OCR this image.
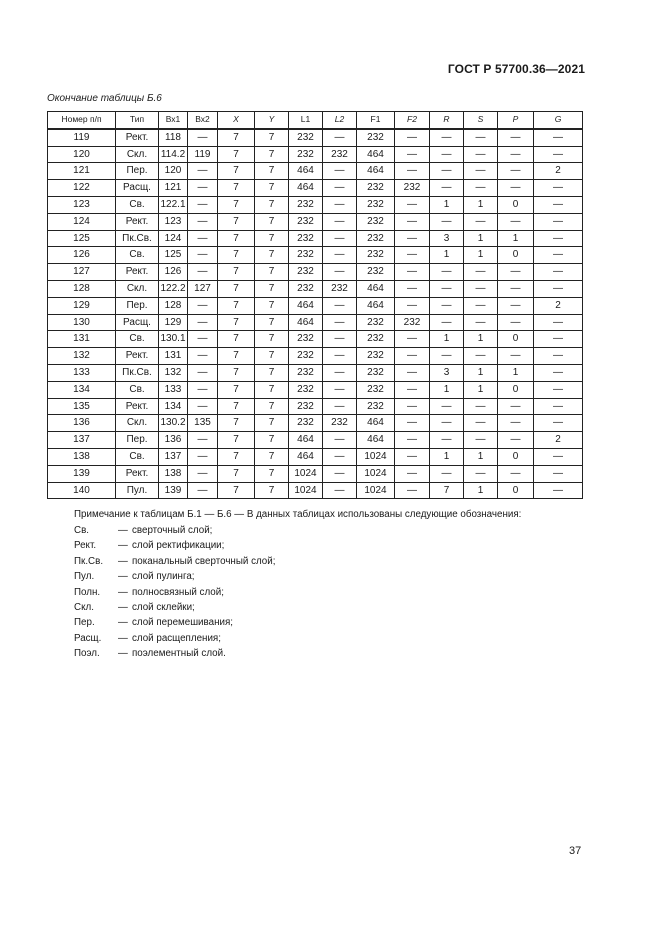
ГОСТ Р 57700.36—2021
Окончание таблицы Б.6
Номер п/п	Тип	Вх1	Вх2	X	Y	L1	L2	F1	F2	R	S	P	G
119	Рект.	118	—	7	7	232	—	232	—	—	—	—	—
120	Скл.	114.2	119	7	7	232	232	464	—	—	—	—	—
121	Пер.	120	—	7	7	464	—	464	—	—	—	—	2
122	Расщ.	121	—	7	7	464	—	232	232	—	—	—	—
123	Св.	122.1	—	7	7	232	—	232	—	1	1	0	—
124	Рект.	123	—	7	7	232	—	232	—	—	—	—	—
125	Пк.Св.	124	—	7	7	232	—	232	—	3	1	1	—
126	Св.	125	—	7	7	232	—	232	—	1	1	0	—
127	Рект.	126	—	7	7	232	—	232	—	—	—	—	—
128	Скл.	122.2	127	7	7	232	232	464	—	—	—	—	—
129	Пер.	128	—	7	7	464	—	464	—	—	—	—	2
130	Расщ.	129	—	7	7	464	—	232	232	—	—	—	—
131	Св.	130.1	—	7	7	232	—	232	—	1	1	0	—
132	Рект.	131	—	7	7	232	—	232	—	—	—	—	—
133	Пк.Св.	132	—	7	7	232	—	232	—	3	1	1	—
134	Св.	133	—	7	7	232	—	232	—	1	1	0	—
135	Рект.	134	—	7	7	232	—	232	—	—	—	—	—
136	Скл.	130.2	135	7	7	232	232	464	—	—	—	—	—
137	Пер.	136	—	7	7	464	—	464	—	—	—	—	2
138	Св.	137	—	7	7	464	—	1024	—	1	1	0	—
139	Рект.	138	—	7	7	1024	—	1024	—	—	—	—	—
140	Пул.	139	—	7	7	1024	—	1024	—	7	1	0	—
Примечание к таблицам Б.1 — Б.6 — В данных таблицах использованы следующие обозначения:
Св.	— сверточный слой;
Рект.	— слой ректификации;
Пк.Св.	— поканальный сверточный слой;
Пул.	— слой пулинга;
Полн.	— полносвязный слой;
Скл.	— слой склейки;
Пер.	— слой перемешивания;
Расщ.	— слой расщепления;
Поэл.	— поэлементный слой.
37
